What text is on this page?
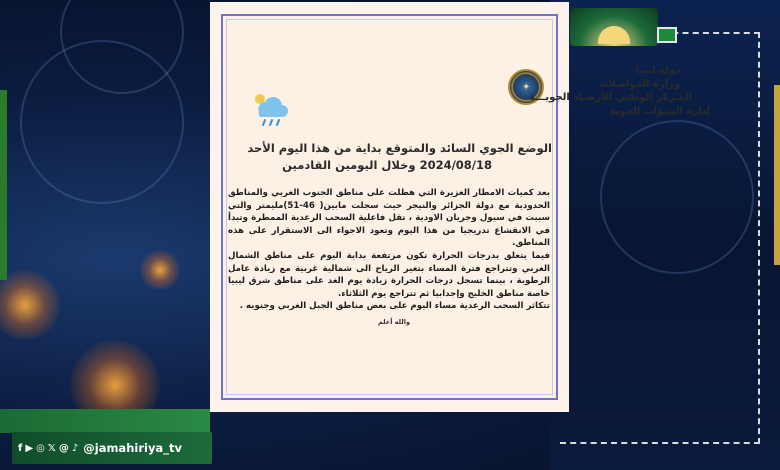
✦
دولة ليبيا
وزارة المواصلات
المـركز الوطني للأرصـاد الجويـــة
إدارة التنبؤات الجوية
الوضع الجوي السائد والمتوقع بداية من هذا اليوم الأحد
2024/08/18 وخلال اليومين القادمين

بعد كميات الامطار الغزيرة التي هطلت على مناطق الجنوب الغربي والمناطق الحدودية مع دولة الجزائر والنيجر حيث سجلت مابين( 46-51)مليمتر والتي سببت في سيول وجريان الاودية ، تقل فاعلية السحب الرعدية الممطرة وتبدأ في الانقشاع تدريجيا من هذا اليوم وتعود الاجواء الى الاستقرار على هذه المناطق.

فيما يتعلق بدرجات الحرارة تكون مرتفعة بداية اليوم على مناطق الشمال الغربي وتتراجع فترة المساء بتغير الرياح الى شمالية غربية مع زيادة عامل الرطوبة ، بينما تسجل درجات الحرارة زيادة يوم الغد على مناطق شرق ليبيا خاصة مناطق الخليج وإجدابيا ثم تتراجع يوم الثلاثاء.

تتكاثر السحب الرعدية مساء اليوم على بعض مناطق الجبل الغربي وجنوبه .

والله أعلم
f ▶ ◎ 𝕏 @ ♪ @jamahiriya_tv
